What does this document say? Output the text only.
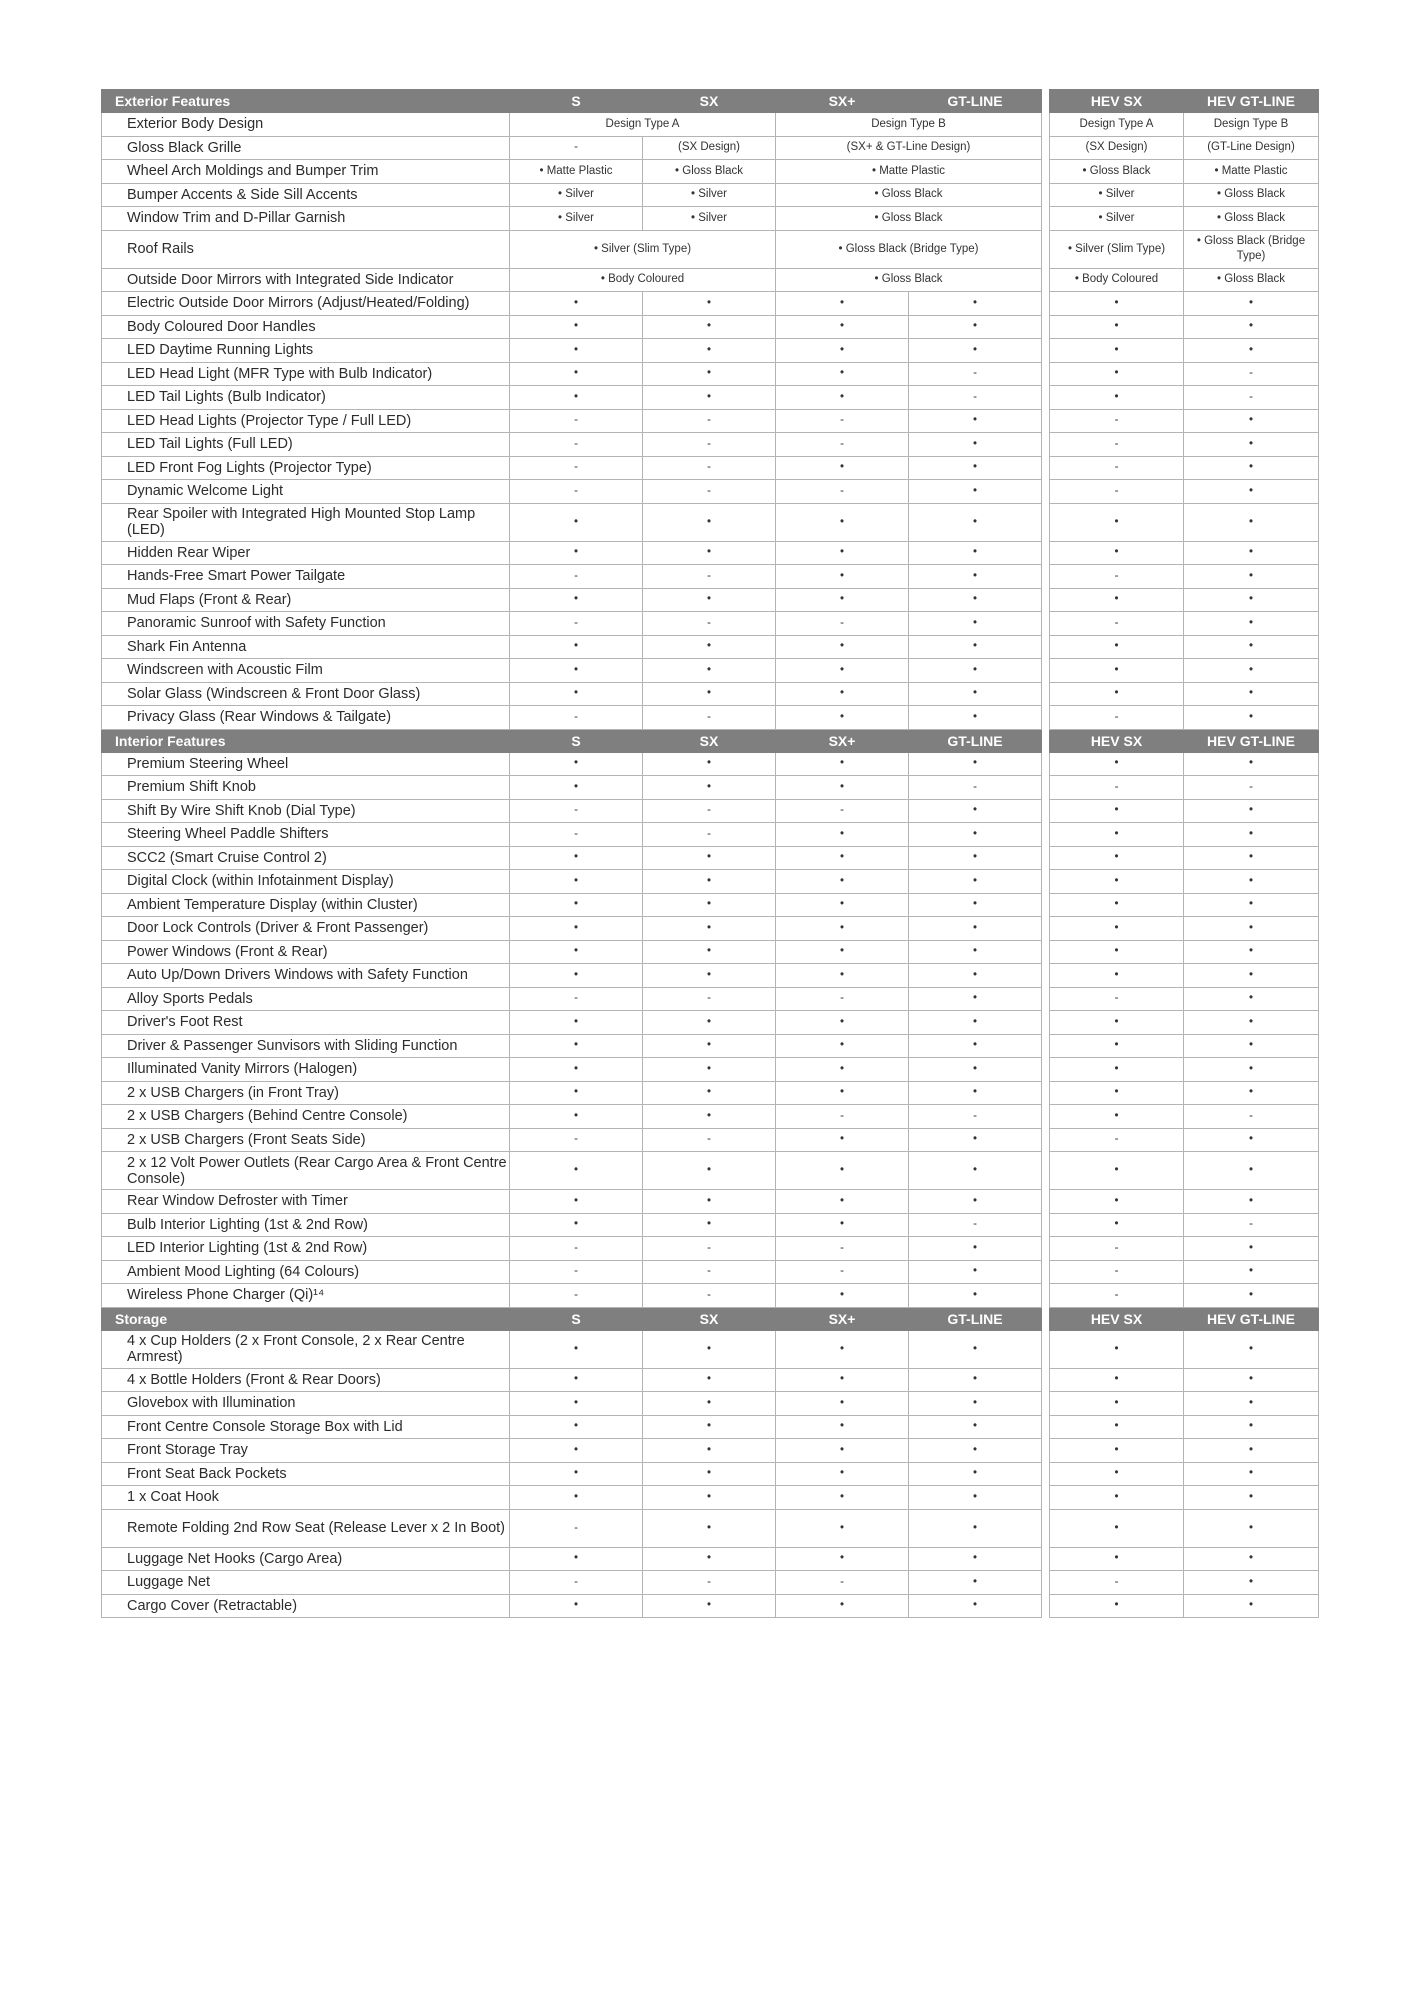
Exterior Features	S	SX	SX+	GT-LINE		HEV SX	HEV GT-LINE
Exterior Body Design	Design Type A		Design Type B			Design Type A	Design Type B
Gloss Black Grille	-	(SX Design)	(SX+ & GT-Line Design)			(SX Design)	(GT-Line Design)
Wheel Arch Moldings and Bumper Trim	• Matte Plastic	• Gloss Black	• Matte Plastic			• Gloss Black	• Matte Plastic
Bumper Accents & Side Sill Accents	• Silver	• Silver	• Gloss Black			• Silver	• Gloss Black
Window Trim and D-Pillar Garnish	• Silver	• Silver	• Gloss Black			• Silver	• Gloss Black
Roof Rails	• Silver (Slim Type)		• Gloss Black (Bridge Type)			• Silver (Slim Type)	• Gloss Black (Bridge Type)
Outside Door Mirrors with Integrated Side Indicator	• Body Coloured		• Gloss Black			• Body Coloured	• Gloss Black
Electric Outside Door Mirrors (Adjust/Heated/Folding)	•	•	•	•		•	•
Body Coloured Door Handles	•	•	•	•		•	•
LED Daytime Running Lights	•	•	•	•		•	•
LED Head Light (MFR Type with Bulb Indicator)	•	•	•	-		•	-
LED Tail Lights (Bulb Indicator)	•	•	•	-		•	-
LED Head Lights (Projector Type / Full LED)	-	-	-	•		-	•
LED Tail Lights (Full LED)	-	-	-	•		-	•
LED Front Fog Lights (Projector Type)	-	-	•	•		-	•
Dynamic Welcome Light	-	-	-	•		-	•
Rear Spoiler with Integrated High Mounted Stop Lamp (LED)	•	•	•	•		•	•
Hidden Rear Wiper	•	•	•	•		•	•
Hands-Free Smart Power Tailgate	-	-	•	•		-	•
Mud Flaps (Front & Rear)	•	•	•	•		•	•
Panoramic Sunroof with Safety Function	-	-	-	•		-	•
Shark Fin Antenna	•	•	•	•		•	•
Windscreen with Acoustic Film	•	•	•	•		•	•
Solar Glass (Windscreen & Front Door Glass)	•	•	•	•		•	•
Privacy Glass (Rear Windows & Tailgate)	-	-	•	•		-	•
Interior Features	S	SX	SX+	GT-LINE		HEV SX	HEV GT-LINE
Premium Steering Wheel	•	•	•	•		•	•
Premium Shift Knob	•	•	•	-		-	-
Shift By Wire Shift Knob (Dial Type)	-	-	-	•		•	•
Steering Wheel Paddle Shifters	-	-	•	•		•	•
SCC2 (Smart Cruise Control 2)	•	•	•	•		•	•
Digital Clock (within Infotainment Display)	•	•	•	•		•	•
Ambient Temperature Display (within Cluster)	•	•	•	•		•	•
Door Lock Controls (Driver & Front Passenger)	•	•	•	•		•	•
Power Windows (Front & Rear)	•	•	•	•		•	•
Auto Up/Down Drivers Windows with Safety Function	•	•	•	•		•	•
Alloy Sports Pedals	-	-	-	•		-	•
Driver's Foot Rest	•	•	•	•		•	•
Driver & Passenger Sunvisors with Sliding Function	•	•	•	•		•	•
Illuminated Vanity Mirrors (Halogen)	•	•	•	•		•	•
2 x USB Chargers (in Front Tray)	•	•	•	•		•	•
2 x USB Chargers (Behind Centre Console)	•	•	-	-		•	-
2 x USB Chargers (Front Seats Side)	-	-	•	•		-	•
2 x 12 Volt Power Outlets (Rear Cargo Area & Front Centre Console)	•	•	•	•		•	•
Rear Window Defroster with Timer	•	•	•	•		•	•
Bulb Interior Lighting (1st & 2nd Row)	•	•	•	-		•	-
LED Interior Lighting (1st & 2nd Row)	-	-	-	•		-	•
Ambient Mood Lighting (64 Colours)	-	-	-	•		-	•
Wireless Phone Charger (Qi)¹⁴	-	-	•	•		-	•
Storage	S	SX	SX+	GT-LINE		HEV SX	HEV GT-LINE
4 x Cup Holders (2 x Front Console, 2 x Rear Centre Armrest)	•	•	•	•		•	•
4 x Bottle Holders (Front & Rear Doors)	•	•	•	•		•	•
Glovebox with Illumination	•	•	•	•		•	•
Front Centre Console Storage Box with Lid	•	•	•	•		•	•
Front Storage Tray	•	•	•	•		•	•
Front Seat Back Pockets	•	•	•	•		•	•
1 x Coat Hook	•	•	•	•		•	•
Remote Folding 2nd Row Seat (Release Lever x 2 In Boot)	-	•	•	•		•	•
Luggage Net Hooks (Cargo Area)	•	•	•	•		•	•
Luggage Net	-	-	-	•		-	•
Cargo Cover (Retractable)	•	•	•	•		•	•
